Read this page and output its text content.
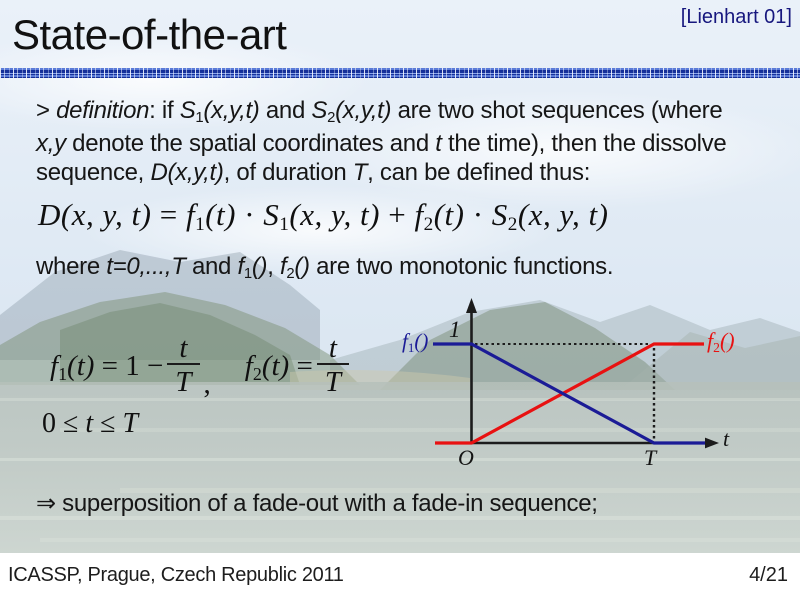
State-of-the-art	[Lienhart 01]
> definition: if S1(x,y,t) and S2(x,y,t) are two shot sequences (where
x,y denote the spatial coordinates and t the time), then the dissolve
sequence, D(x,y,t), of duration T, can be defined thus:
D(x, y, t) = f1(t) · S1(x, y, t) + f2(t) · S2(x, y, t)
where t=0,...,T and f1(), f2() are two monotonic functions.
$f1(t) = 1 - \frac{t}{T}$ ,
$f2(t) = \frac{t}{T}$
0 ≤ t ≤ T
f1() 1	f2()
O	T
t
⇒ superposition of a fade-out with a fade-in sequence;
ICASSP, Prague, Czech Republic 2011	4/21
